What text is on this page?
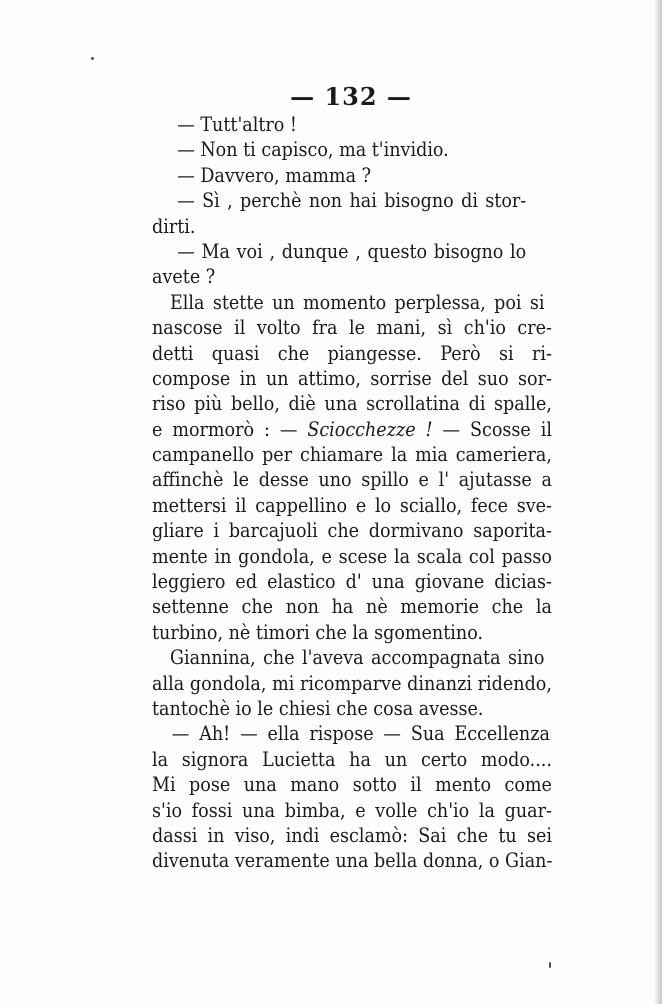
— 132 —
— Tutt'altro !
— Non ti capisco, ma t'invidio.
— Davvero, mamma ?
— Sì , perchè non hai bisogno di stor-
dirti.
— Ma voi , dunque , questo bisogno lo
avete ?
Ella stette un momento perplessa, poi si
nascose il volto fra le mani, sì ch'io cre-
detti quasi che piangesse. Però si ri-
compose in un attimo, sorrise del suo sor-
riso più bello, diè una scrollatina di spalle,
e mormorò : — Sciocchezze ! — Scosse il
campanello per chiamare la mia cameriera,
affinchè le desse uno spillo e l' ajutasse a
mettersi il cappellino e lo sciallo, fece sve-
gliare i barcajuoli che dormivano saporita-
mente in gondola, e scese la scala col passo
leggiero ed elastico d' una giovane dicias-
settenne che non ha nè memorie che la
turbino, nè timori che la sgomentino.
Giannina, che l'aveva accompagnata sino
alla gondola, mi ricomparve dinanzi ridendo,
tantochè io le chiesi che cosa avesse.
— Ah! — ella rispose — Sua Eccellenza
la signora Lucietta ha un certo modo....
Mi pose una mano sotto il mento come
s'io fossi una bimba, e volle ch'io la guar-
dassi in viso, indi esclamò: Sai che tu sei
divenuta veramente una bella donna, o Gian-
